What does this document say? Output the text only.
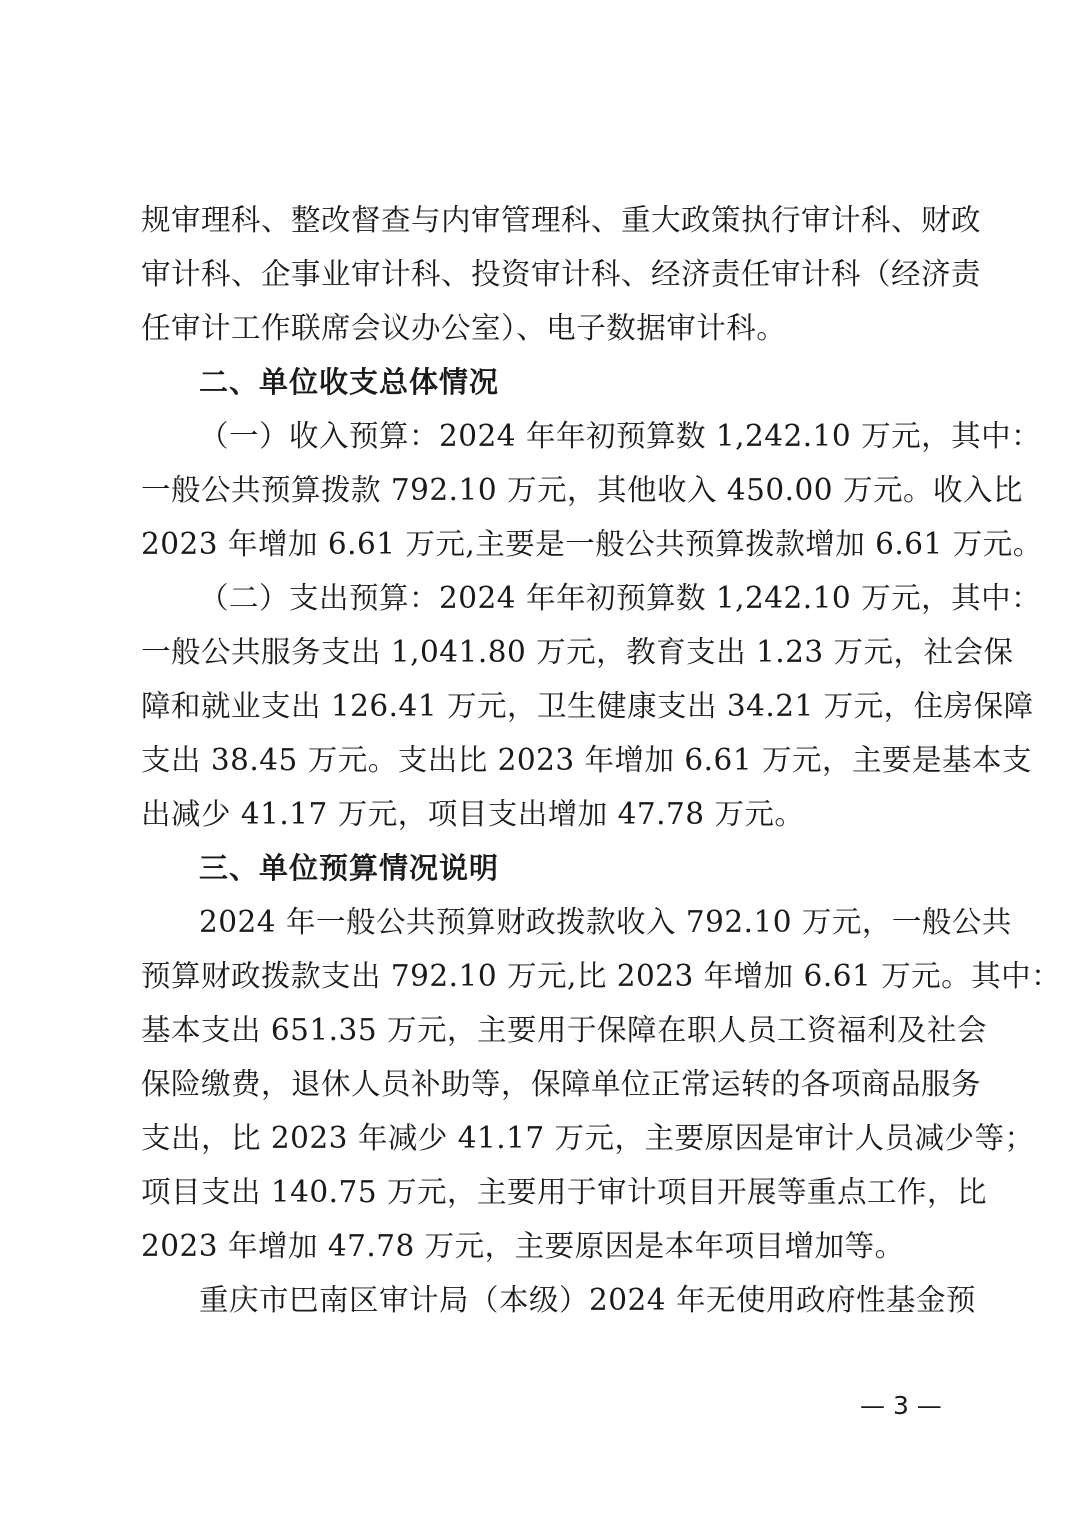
规审理科、整改督查与内审管理科、重大政策执行审计科、财政
审计科、企事业审计科、投资审计科、经济责任审计科（经济责
任审计工作联席会议办公室）、电子数据审计科。
二、单位收支总体情况
（一）收入预算：2024 年年初预算数 1,242.10 万元，其中：
一般公共预算拨款 792.10 万元，其他收入 450.00 万元。收入比
2023 年增加 6.61 万元,主要是一般公共预算拨款增加 6.61 万元。
（二）支出预算：2024 年年初预算数 1,242.10 万元，其中：
一般公共服务支出 1,041.80 万元，教育支出 1.23 万元，社会保
障和就业支出 126.41 万元，卫生健康支出 34.21 万元，住房保障
支出 38.45 万元。支出比 2023 年增加 6.61 万元，主要是基本支
出减少 41.17 万元，项目支出增加 47.78 万元。
三、单位预算情况说明
2024 年一般公共预算财政拨款收入 792.10 万元，一般公共
预算财政拨款支出 792.10 万元,比 2023 年增加 6.61 万元。其中：
基本支出 651.35 万元，主要用于保障在职人员工资福利及社会
保险缴费，退休人员补助等，保障单位正常运转的各项商品服务
支出，比 2023 年减少 41.17 万元，主要原因是审计人员减少等；
项目支出 140.75 万元，主要用于审计项目开展等重点工作，比
2023 年增加 47.78 万元，主要原因是本年项目增加等。
重庆市巴南区审计局（本级）2024 年无使用政府性基金预
— 3 —
